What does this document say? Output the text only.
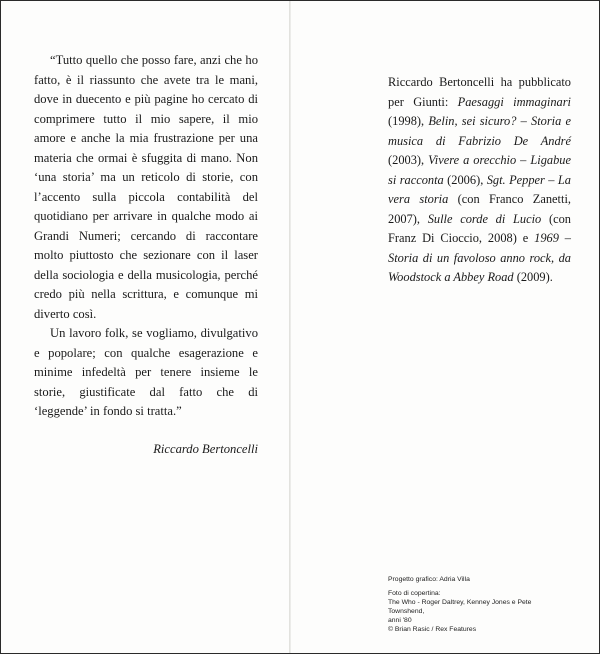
“Tutto quello che posso fare, anzi che ho fatto, è il riassunto che avete tra le mani, dove in duecento e più pagine ho cercato di comprimere tutto il mio sapere, il mio amore e anche la mia frustrazione per una materia che ormai è sfuggita di mano. Non ‘una storia’ ma un reticolo di storie, con l’accento sulla piccola contabilità del quotidiano per arrivare in qualche modo ai Grandi Numeri; cercando di raccontare molto piuttosto che sezionare con il laser della sociologia e della musicologia, perché credo più nella scrittura, e comunque mi diverto così.

Un lavoro folk, se vogliamo, divulgativo e popolare; con qualche esagerazione e minime infedeltà per tenere insieme le storie, giustificate dal fatto che di ‘leggende’ in fondo si tratta.”

Riccardo Bertoncelli

Riccardo Bertoncelli ha pubblicato per Giunti: Paesaggi immaginari (1998), Belin, sei sicuro? – Storia e musica di Fabrizio De André (2003), Vivere a orecchio – Ligabue si racconta (2006), Sgt. Pepper – La vera storia (con Franco Zanetti, 2007), Sulle corde di Lucio (con Franz Di Cioccio, 2008) e 1969 – Storia di un favoloso anno rock, da Woodstock a Abbey Road (2009).

Progetto grafico: Adria Villa
Foto di copertina:
The Who - Roger Daltrey, Kenney Jones e Pete Townshend,
anni '80
© Brian Rasic / Rex Features
